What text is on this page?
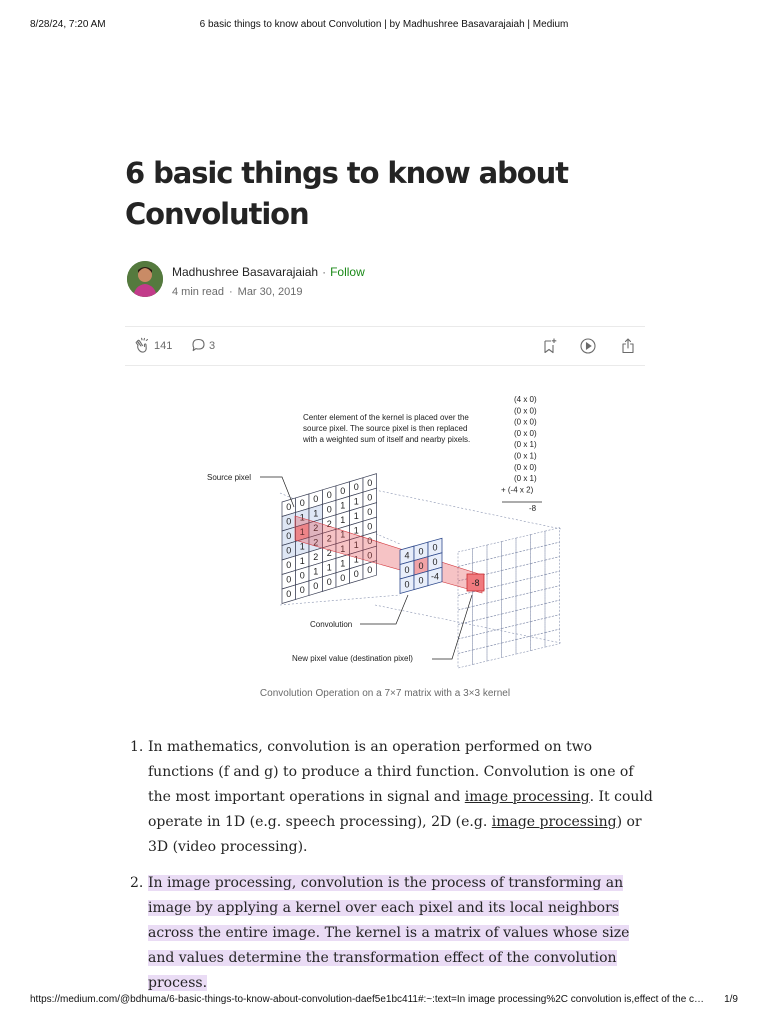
8/28/24, 7:20 AM	6 basic things to know about Convolution | by Madhushree Basavarajaiah | Medium
6 basic things to know about Convolution
Madhushree Basavarajaiah · Follow
4 min read · Mar 30, 2019
141	3
0 0 0 0 0 0 0
0 1 1 0 1 1 0
0 1 2 2 1 1 0
0 1 2 2 1 1 0
0 1 2 2 1 1 0
0 0 1 1 1 1 0
0 0 0 0 0 0 0
4 0 0
0 0 0
0 0 -4
-8
Center element of the kernel is placed over the
source pixel. The source pixel is then replaced
with a weighted sum of itself and nearby pixels.
(4 x 0)
(0 x 0)
(0 x 0)
(0 x 0)
(0 x 1)
(0 x 1)
(0 x 0)
(0 x 1)
+ (-4 x 2)
-8
Source pixel
Convolution
New pixel value (destination pixel)
Convolution Operation on a 7×7 matrix with a 3×3 kernel
1. In mathematics, convolution is an operation performed on two functions (f and g) to produce a third function. Convolution is one of the most important operations in signal and image processing. It could operate in 1D (e.g. speech processing), 2D (e.g. image processing) or 3D (video processing).
2. In image processing, convolution is the process of transforming an image by applying a kernel over each pixel and its local neighbors across the entire image. The kernel is a matrix of values whose size and values determine the transformation effect of the convolution process.
https://medium.com/@bdhuma/6-basic-things-to-know-about-convolution-daef5e1bc411#:~:text=In image processing%2C convolution is,effect of the c…	1/9
